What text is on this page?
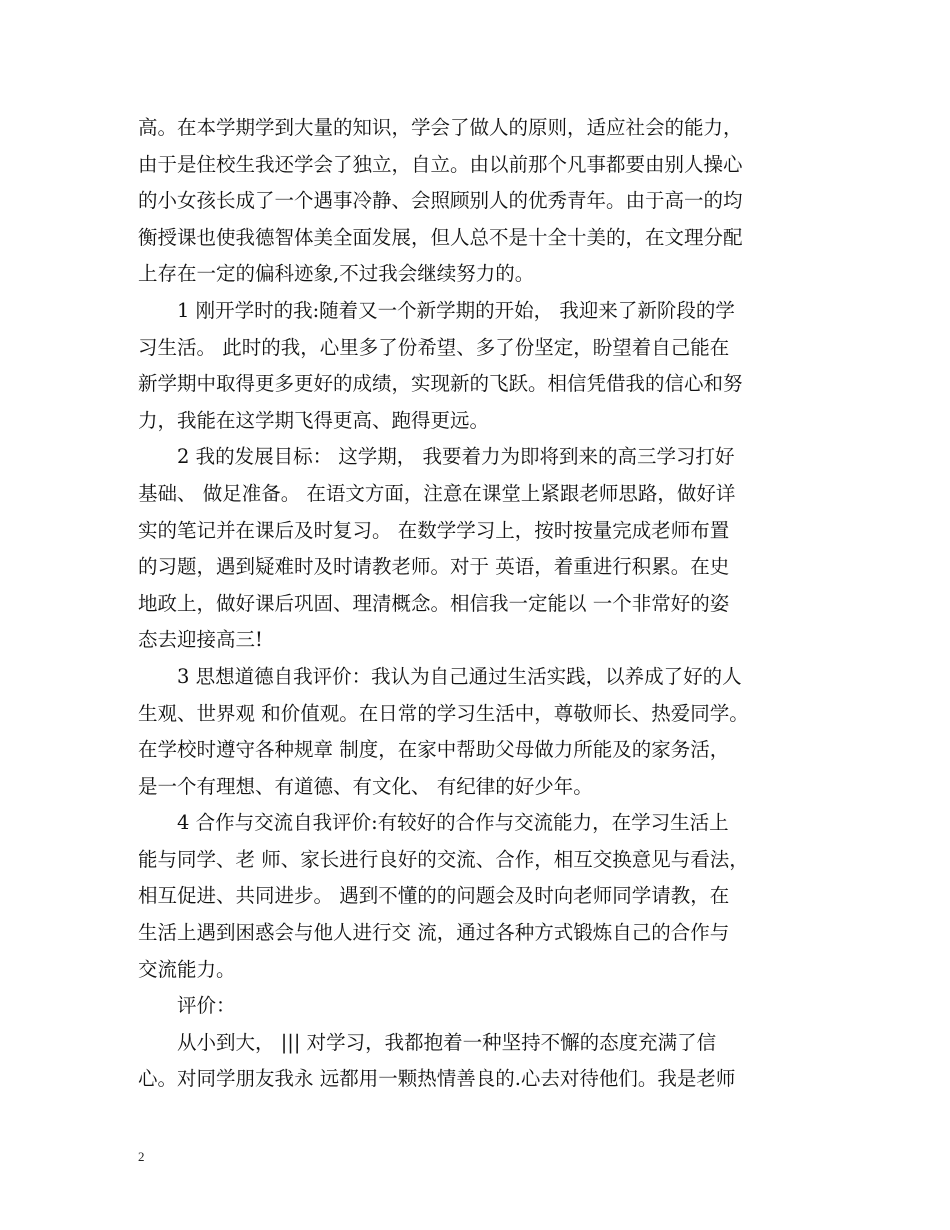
高。在本学期学到大量的知识，学会了做人的原则，适应社会的能力，
由于是住校生我还学会了独立，自立。由以前那个凡事都要由别人操心
的小女孩长成了一个遇事冷静、会照顾别人的优秀青年。由于高一的均
衡授课也使我德智体美全面发展，但人总不是十全十美的，在文理分配
上存在一定的偏科迹象,不过我会继续努力的。
1 刚开学时的我:随着又一个新学期的开始， 我迎来了新阶段的学
习生活。 此时的我，心里多了份希望、多了份坚定，盼望着自己能在
新学期中取得更多更好的成绩，实现新的飞跃。相信凭借我的信心和努
力，我能在这学期飞得更高、跑得更远。
2 我的发展目标： 这学期， 我要着力为即将到来的高三学习打好
基础、 做足准备。 在语文方面，注意在课堂上紧跟老师思路，做好详
实的笔记并在课后及时复习。 在数学学习上，按时按量完成老师布置
的习题，遇到疑难时及时请教老师。对于 英语，着重进行积累。在史
地政上，做好课后巩固、理清概念。相信我一定能以 一个非常好的姿
态去迎接高三!
3 思想道德自我评价：我认为自己通过生活实践，以养成了好的人
生观、世界观 和价值观。在日常的学习生活中，尊敬师长、热爱同学。
在学校时遵守各种规章 制度，在家中帮助父母做力所能及的家务活，
是一个有理想、有道德、有文化、 有纪律的好少年。
4 合作与交流自我评价:有较好的合作与交流能力，在学习生活上
能与同学、老 师、家长进行良好的交流、合作，相互交换意见与看法，
相互促进、共同进步。 遇到不懂的的问题会及时向老师同学请教，在
生活上遇到困惑会与他人进行交 流，通过各种方式锻炼自己的合作与
交流能力。
评价：
从小到大， ||| 对学习，我都抱着一种坚持不懈的态度充满了信
心。对同学朋友我永 远都用一颗热情善良的.心去对待他们。我是老师
2
